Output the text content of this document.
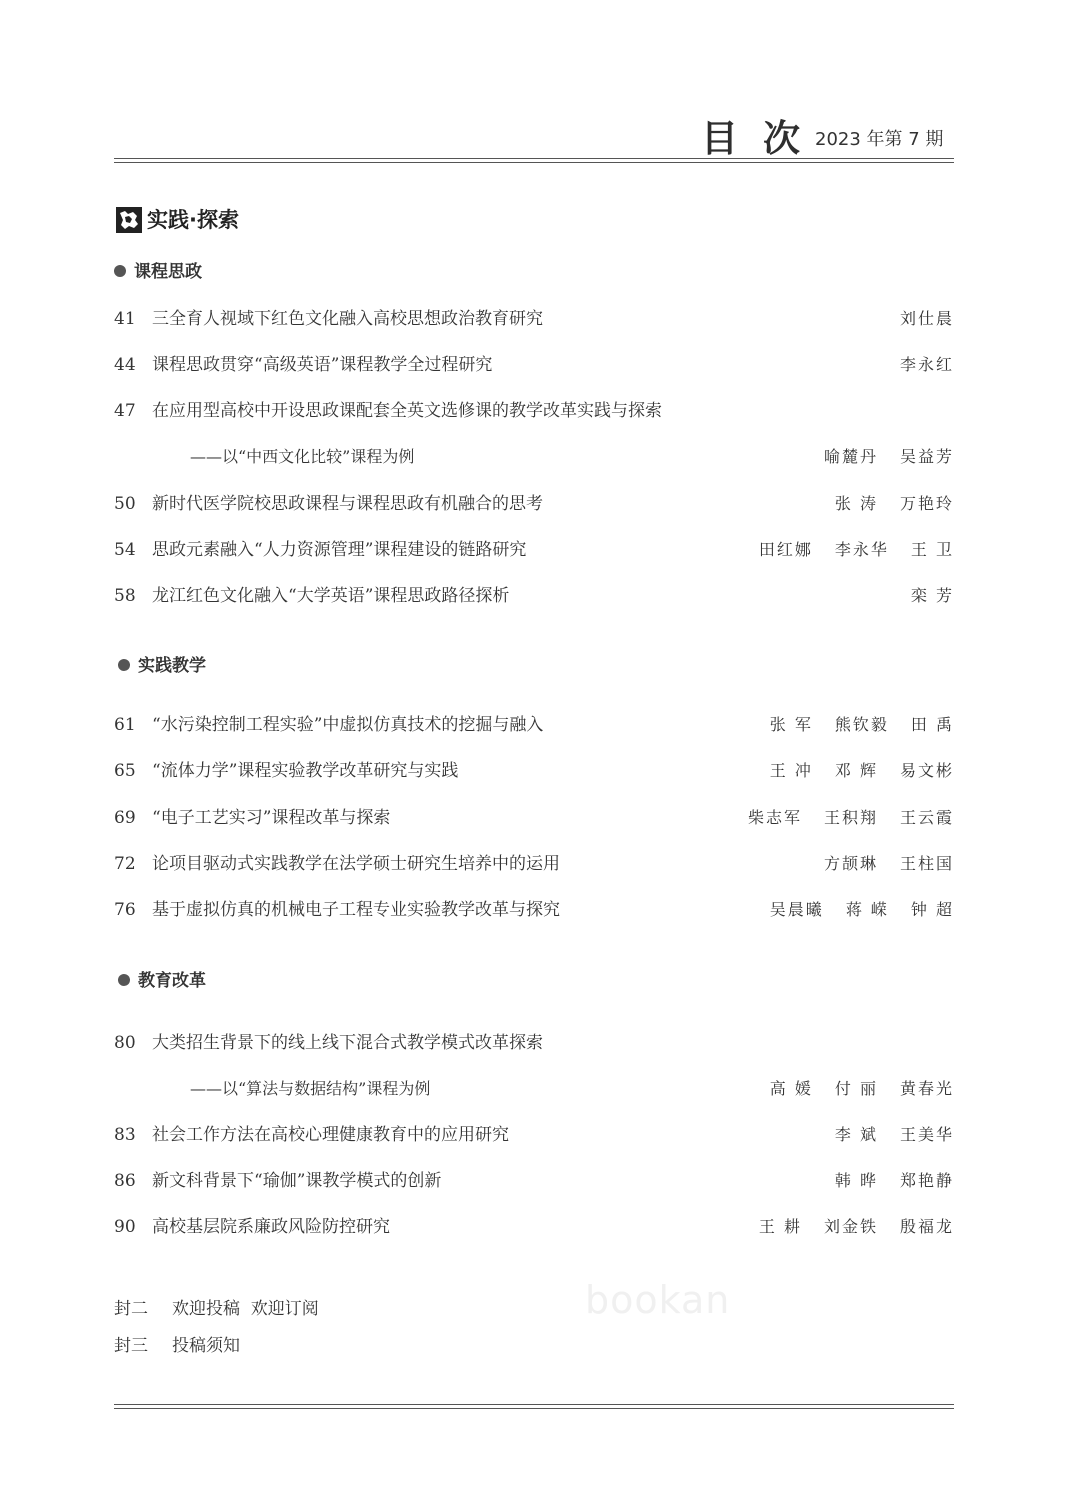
目 次 2023 年第 7 期
实践·探索
课程思政
41 三全育人视域下红色文化融入高校思想政治教育研究	刘仕晨
44 课程思政贯穿“高级英语”课程教学全过程研究	李永红
47 在应用型高校中开设思政课配套全英文选修课的教学改革实践与探索
——以“中西文化比较”课程为例	喻麓丹 吴益芳
50 新时代医学院校思政课程与课程思政有机融合的思考	张 涛 万艳玲
54 思政元素融入“人力资源管理”课程建设的链路研究	田红娜 李永华 王 卫
58 龙江红色文化融入“大学英语”课程思政路径探析	栾 芳
实践教学
61 “水污染控制工程实验”中虚拟仿真技术的挖掘与融入	张 军 熊钦毅 田 禹
65 “流体力学”课程实验教学改革研究与实践	王 冲 邓 辉 易文彬
69 “电子工艺实习”课程改革与探索	柴志军 王积翔 王云霞
72 论项目驱动式实践教学在法学硕士研究生培养中的运用	方颉琳 王柱国
76 基于虚拟仿真的机械电子工程专业实验教学改革与探究	吴晨曦 蒋 嵘 钟 超
教育改革
80 大类招生背景下的线上线下混合式教学模式改革探索
——以“算法与数据结构”课程为例	高 媛 付 丽 黄春光
83 社会工作方法在高校心理健康教育中的应用研究	李 斌 王美华
86 新文科背景下“瑜伽”课教学模式的创新	韩 晔 郑艳静
90 高校基层院系廉政风险防控研究	王 耕 刘金铁 殷福龙
bookan
封二 欢迎投稿  欢迎订阅
封三 投稿须知
